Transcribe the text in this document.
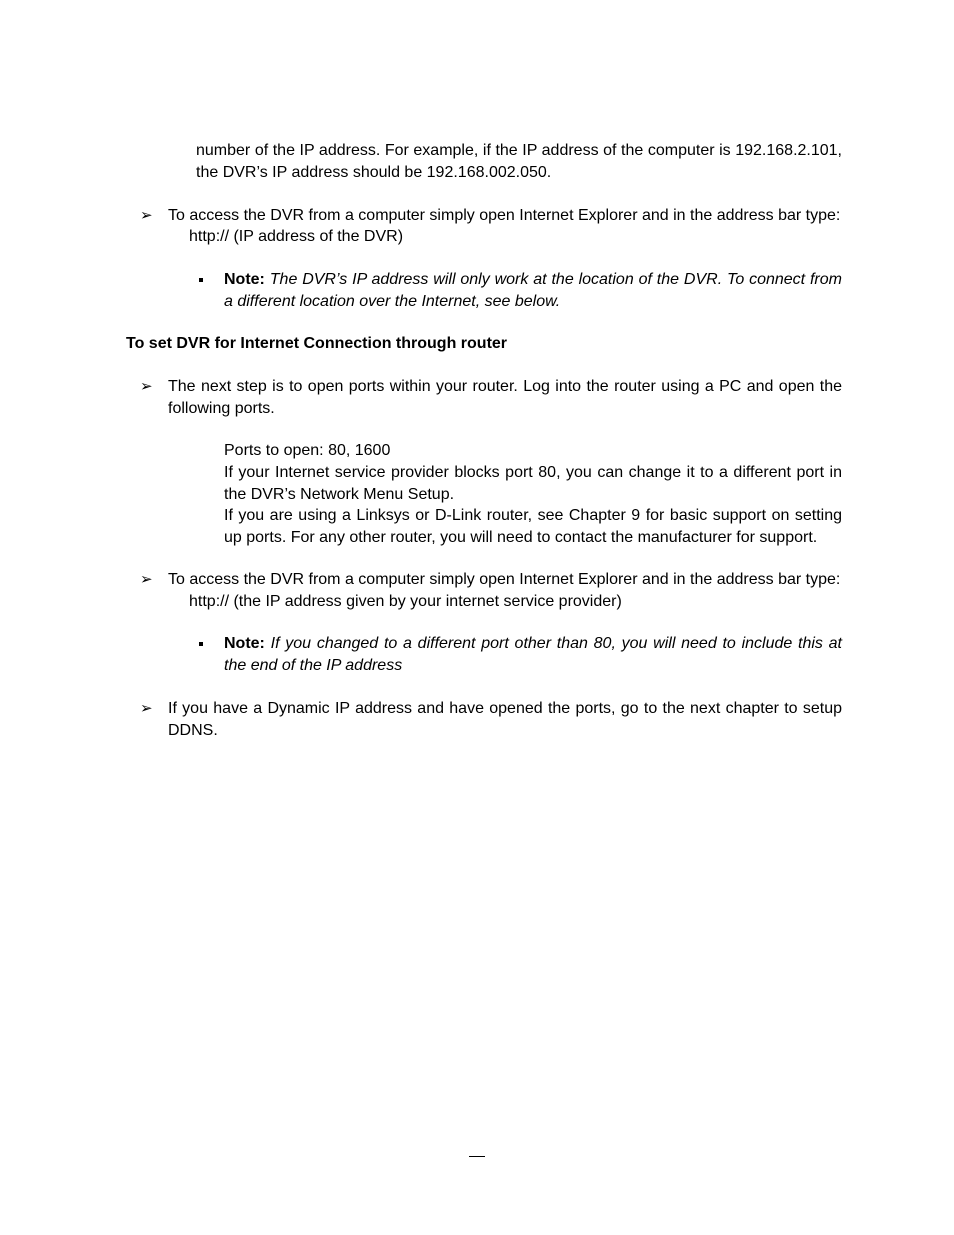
number of the IP address. For example, if the IP address of the computer is 192.168.2.101, the DVR’s IP address should be 192.168.002.050.
➢ To access the DVR from a computer simply open Internet Explorer and in the address bar type:
http:// (IP address of the DVR)
Note: The DVR’s IP address will only work at the location of the DVR. To connect from a different location over the Internet, see below.
To set DVR for Internet Connection through router
➢ The next step is to open ports within your router. Log into the router using a PC and open the following ports.
Ports to open: 80, 1600
If your Internet service provider blocks port 80, you can change it to a different port in the DVR’s Network Menu Setup.
If you are using a Linksys or D-Link router, see Chapter 9 for basic support on setting up ports. For any other router, you will need to contact the manufacturer for support.
➢ To access the DVR from a computer simply open Internet Explorer and in the address bar type:
http:// (the IP address given by your internet service provider)
Note: If you changed to a different port other than 80, you will need to include this at the end of the IP address
➢ If you have a Dynamic IP address and have opened the ports, go to the next chapter to setup DDNS.
